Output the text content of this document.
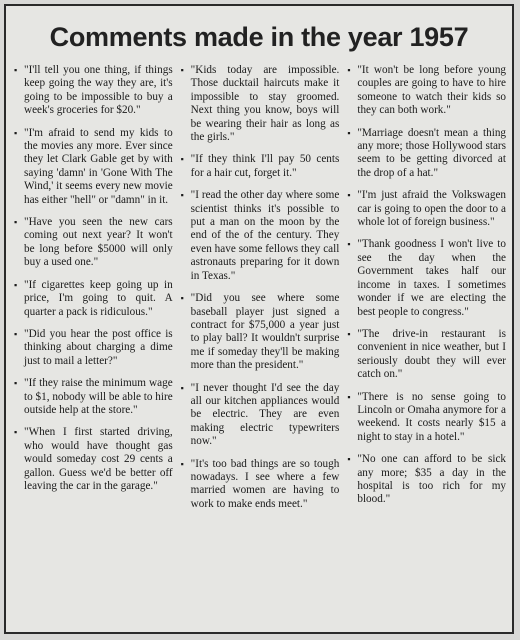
Comments made in the year 1957
▪ "I'll tell you one thing, if things keep going the way they are, it's going to be impossible to buy a week's groceries for $20."
▪ "I'm afraid to send my kids to the movies any more. Ever since they let Clark Gable get by with saying 'damn' in 'Gone With The Wind,' it seems every new movie has either "hell" or "damn" in it.
▪ "Have you seen the new cars coming out next year? It won't be long before $5000 will only buy a used one."
▪ "If cigarettes keep going up in price, I'm going to quit. A quarter a pack is ridiculous."
▪ "Did you hear the post office is thinking about charging a dime just to mail a letter?"
▪ "If they raise the minimum wage to $1, nobody will be able to hire outside help at the store."
▪ "When I first started driving, who would have thought gas would someday cost 29 cents a gallon. Guess we'd be better off leaving the car in the garage."
▪ "Kids today are impossible. Those ducktail haircuts make it impossible to stay groomed. Next thing you know, boys will be wearing their hair as long as the girls."
▪ "If they think I'll pay 50 cents for a hair cut, forget it."
▪ "I read the other day where some scientist thinks it's possible to put a man on the moon by the end of the of the century. They even have some fellows they call astronauts preparing for it down in Texas."
▪ "Did you see where some baseball player just signed a contract for $75,000 a year just to play ball? It wouldn't surprise me if someday they'll be making more than the president."
▪ "I never thought I'd see the day all our kitchen appliances would be electric. They are even making electric typewriters now."
▪ "It's too bad things are so tough nowadays. I see where a few married women are having to work to make ends meet."
▪ "It won't be long before young couples are going to have to hire someone to watch their kids so they can both work."
▪ "Marriage doesn't mean a thing any more; those Hollywood stars seem to be getting divorced at the drop of a hat."
▪ "I'm just afraid the Volkswagen car is going to open the door to a whole lot of foreign business."
▪ "Thank goodness I won't live to see the day when the Government takes half our income in taxes. I sometimes wonder if we are electing the best people to congress."
▪ "The drive-in restaurant is convenient in nice weather, but I seriously doubt they will ever catch on."
▪ "There is no sense going to Lincoln or Omaha anymore for a weekend. It costs nearly $15 a night to stay in a hotel."
▪ "No one can afford to be sick any more; $35 a day in the hospital is too rich for my blood."
